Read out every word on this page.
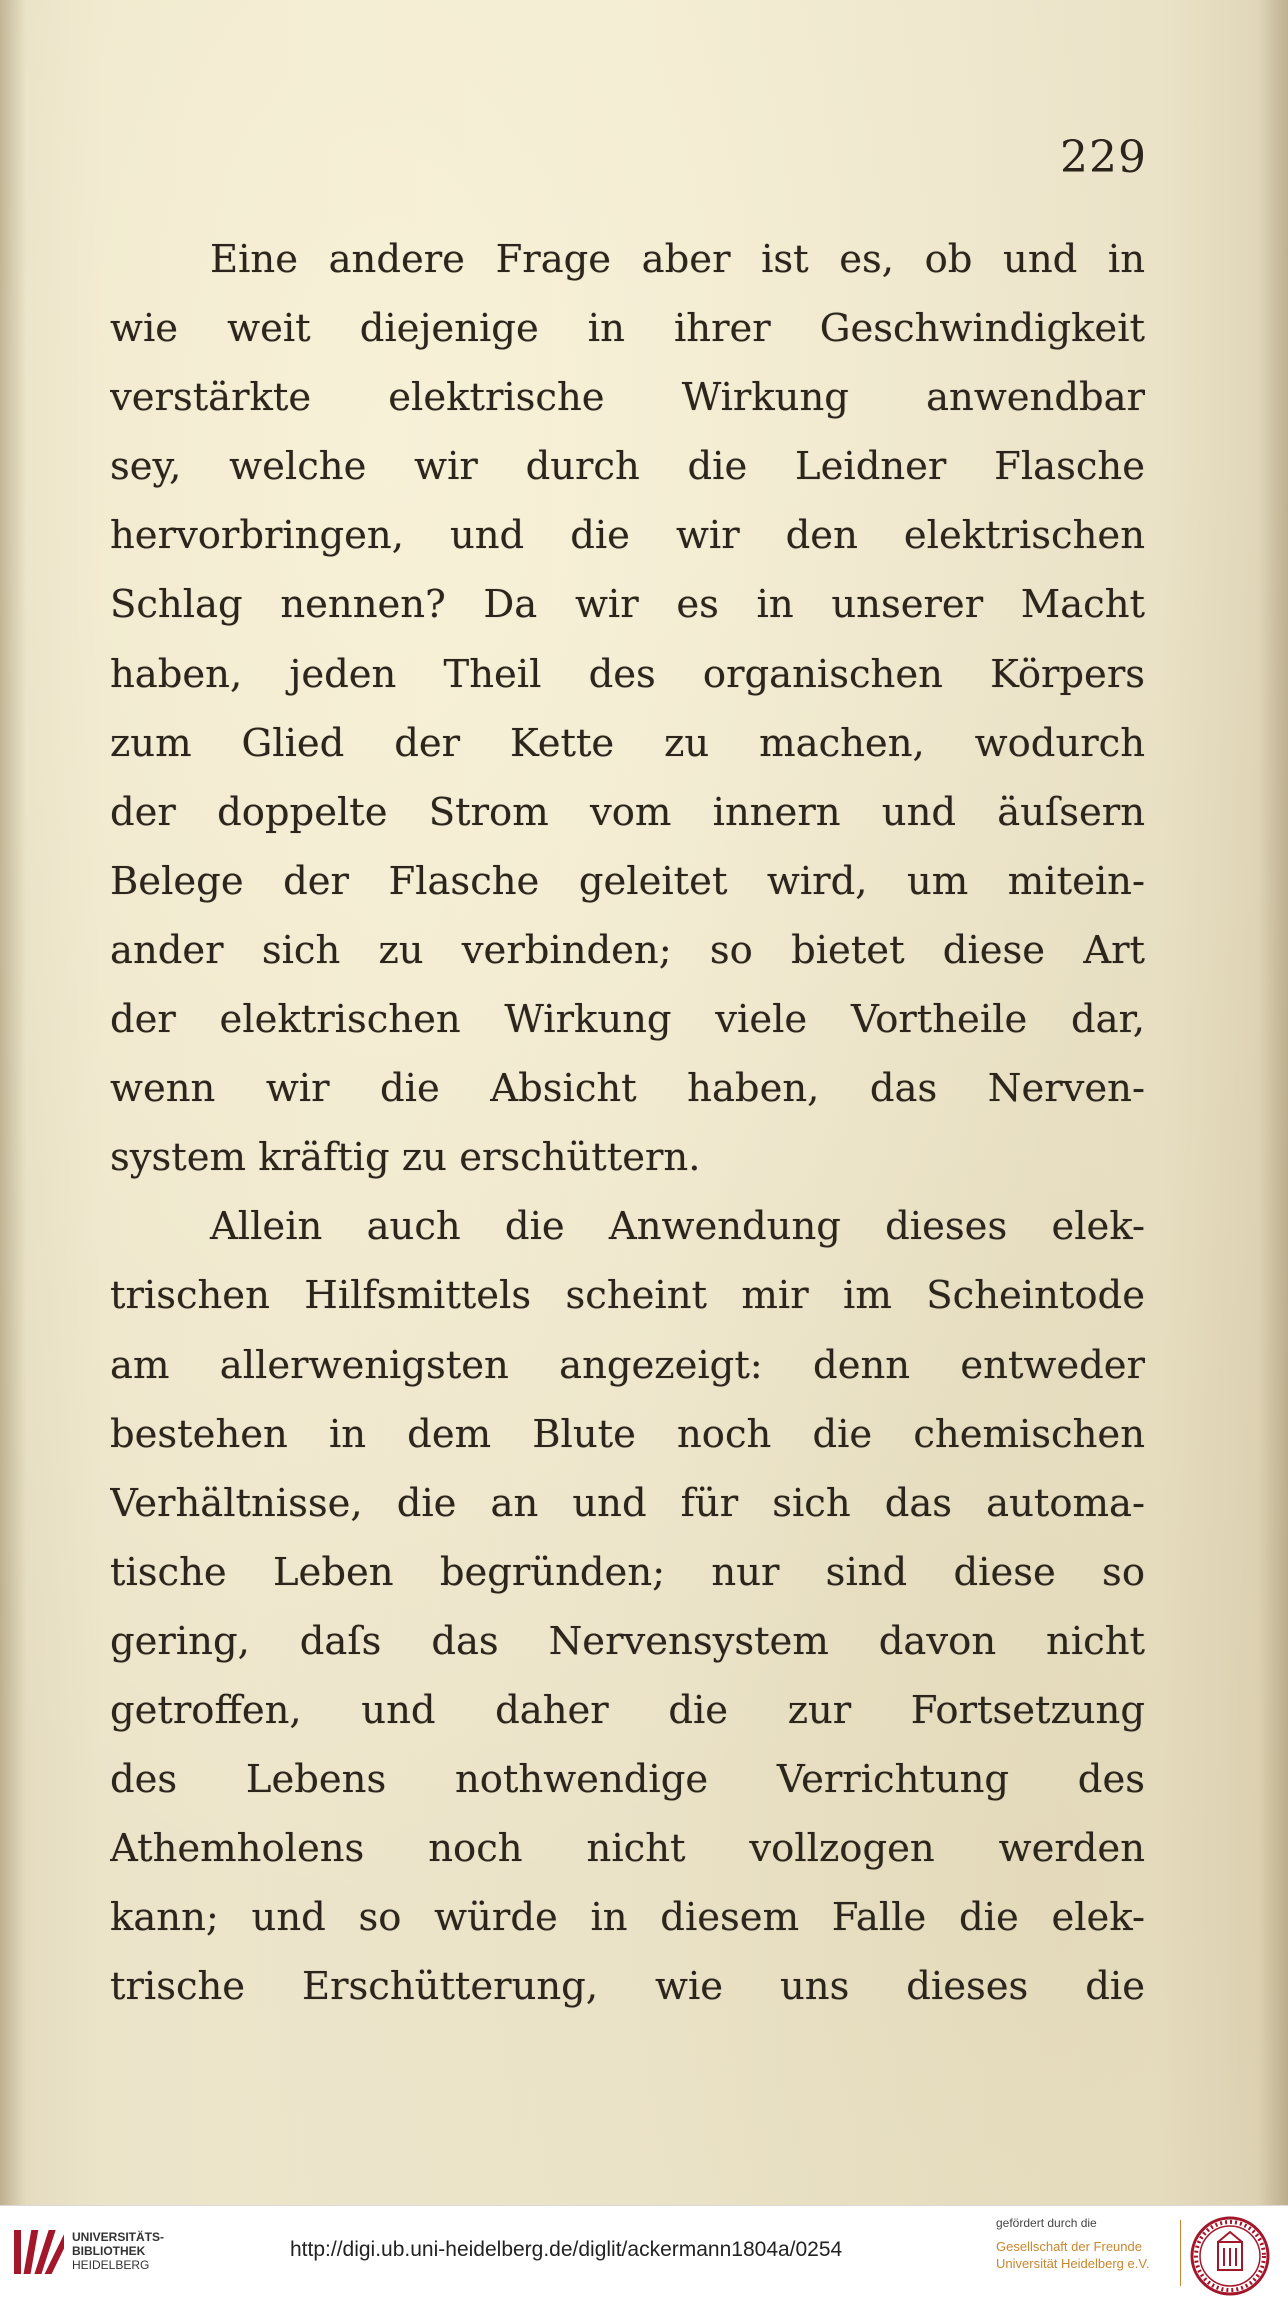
229
Eine andere Frage aber ist es, ob und in
wie weit diejenige in ihrer Geschwindigkeit
verstärkte elektrische Wirkung anwendbar
sey, welche wir durch die Leidner Flasche
hervorbringen, und die wir den elektrischen
Schlag nennen? Da wir es in unserer Macht
haben, jeden Theil des organischen Körpers
zum Glied der Kette zu machen, wodurch
der doppelte Strom vom innern und äuſsern
Belege der Flasche geleitet wird, um mitein-
ander sich zu verbinden; so bietet diese Art
der elektrischen Wirkung viele Vortheile dar,
wenn wir die Absicht haben, das Nerven-
system kräftig zu erschüttern.
Allein auch die Anwendung dieses elek-
trischen Hilfsmittels scheint mir im Scheintode
am allerwenigsten angezeigt: denn entweder
bestehen in dem Blute noch die chemischen
Verhältnisse, die an und für sich das automa-
tische Leben begründen; nur sind diese so
gering, daſs das Nervensystem davon nicht
getroffen, und daher die zur Fortsetzung
des Lebens nothwendige Verrichtung des
Athemholens noch nicht vollzogen werden
kann; und so würde in diesem Falle die elek-
trische Erschütterung, wie uns dieses die
UNIVERSITÄTS-
BIBLIOTHEK
HEIDELBERG
http://digi.ub.uni-heidelberg.de/diglit/ackermann1804a/0254
gefördert durch die
Gesellschaft der Freunde
Universität Heidelberg e.V.
